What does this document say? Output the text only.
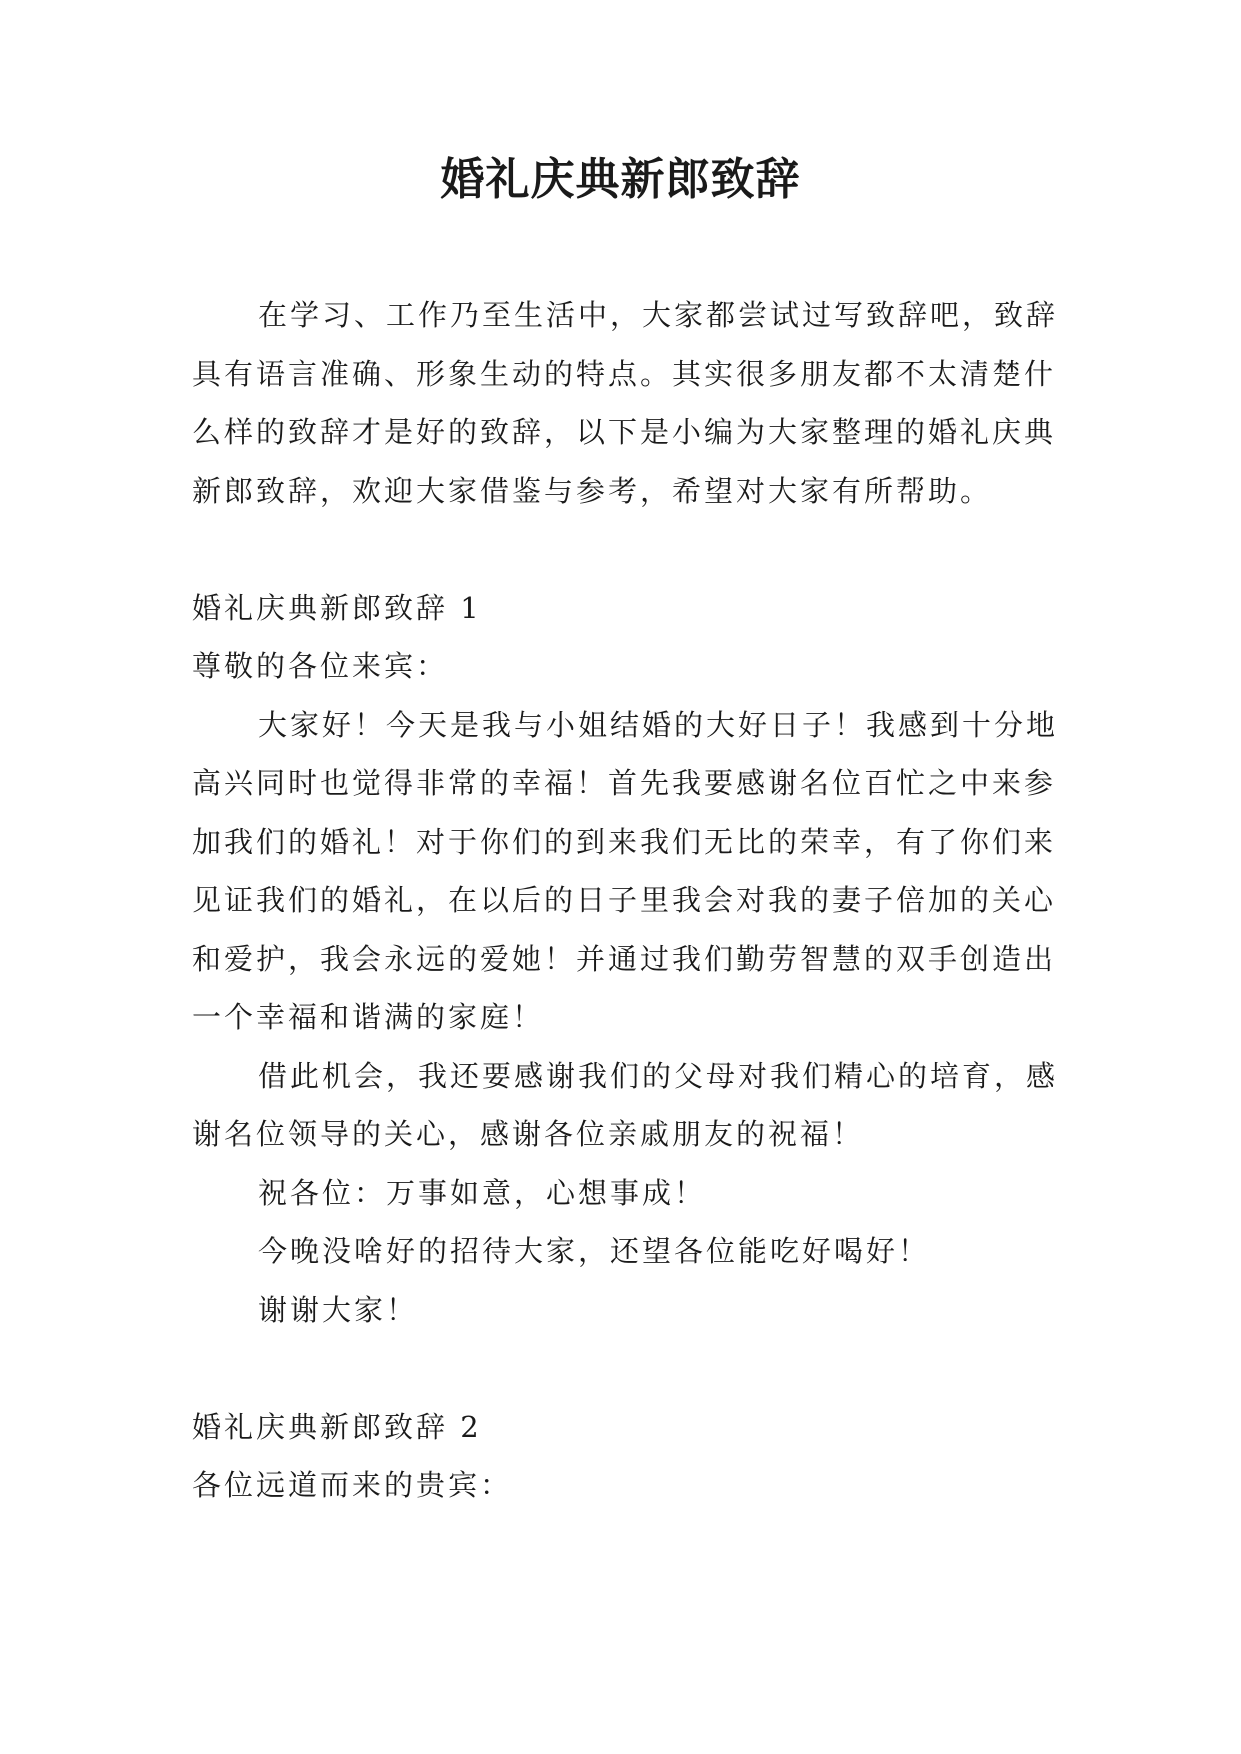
婚礼庆典新郎致辞

在学习、工作乃至生活中，大家都尝试过写致辞吧，致辞具有语言准确、形象生动的特点。其实很多朋友都不太清楚什么样的致辞才是好的致辞，以下是小编为大家整理的婚礼庆典新郎致辞，欢迎大家借鉴与参考，希望对大家有所帮助。

婚礼庆典新郎致辞 1

尊敬的各位来宾：

大家好！今天是我与小姐结婚的大好日子！我感到十分地高兴同时也觉得非常的幸福！首先我要感谢名位百忙之中来参加我们的婚礼！对于你们的到来我们无比的荣幸，有了你们来见证我们的婚礼，在以后的日子里我会对我的妻子倍加的关心和爱护，我会永远的爱她！并通过我们勤劳智慧的双手创造出一个幸福和谐满的家庭！

借此机会，我还要感谢我们的父母对我们精心的培育，感谢名位领导的关心，感谢各位亲戚朋友的祝福！

祝各位：万事如意，心想事成！

今晚没啥好的招待大家，还望各位能吃好喝好！

谢谢大家！

婚礼庆典新郎致辞 2

各位远道而来的贵宾：
